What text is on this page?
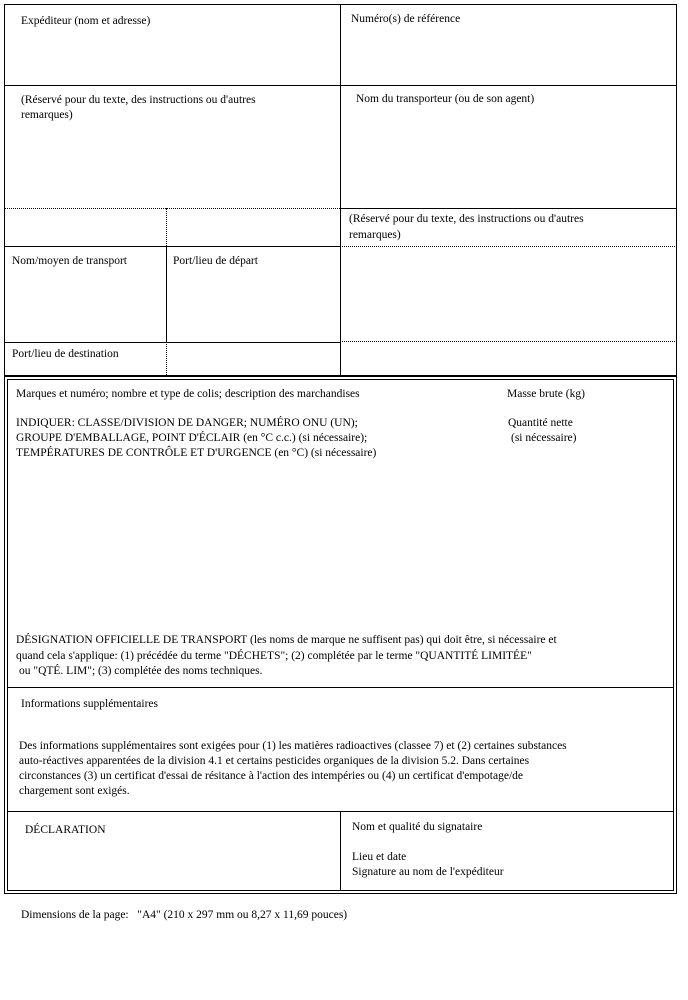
Expéditeur (nom et adresse)	Numéro(s) de référence
(Réservé pour du texte, des instructions ou d'autres
remarques)
Nom du transporteur (ou de son agent)
(Réservé pour du texte, des instructions ou d'autres
remarques)
Nom/moyen de transport	Port/lieu de départ
Port/lieu de destination
Marques et numéro; nombre et type de colis; description des marchandises	Masse brute (kg)
INDIQUER: CLASSE/DIVISION DE DANGER; NUMÉRO ONU (UN);
GROUPE D'EMBALLAGE, POINT D'ÉCLAIR (en °C c.c.) (si nécessaire);
TEMPÉRATURES DE CONTRÔLE ET D'URGENCE (en °C) (si nécessaire)
Quantité nette
(si nécessaire)
DÉSIGNATION OFFICIELLE DE TRANSPORT (les noms de marque ne suffisent pas) qui doit être, si nécessaire et
quand cela s'applique: (1) précédée du terme "DÉCHETS"; (2) complétée par le terme "QUANTITÉ LIMITÉE"
ou "QTÉ. LIM"; (3) complétée des noms techniques.
Informations supplémentaires
Des informations supplémentaires sont exigées pour (1) les matières radioactives (classee 7) et (2) certaines substances
auto-réactives apparentées de la division 4.1 et certains pesticides organiques de la division 5.2. Dans certaines
circonstances (3) un certificat d'essai de résitance à l'action des intempéries ou (4) un certificat d'empotage/de
chargement sont exigés.
DÉCLARATION	Nom et qualité du signataire
Lieu et date
Signature au nom de l'expéditeur
Dimensions de la page:   "A4" (210 x 297 mm ou 8,27 x 11,69 pouces)
